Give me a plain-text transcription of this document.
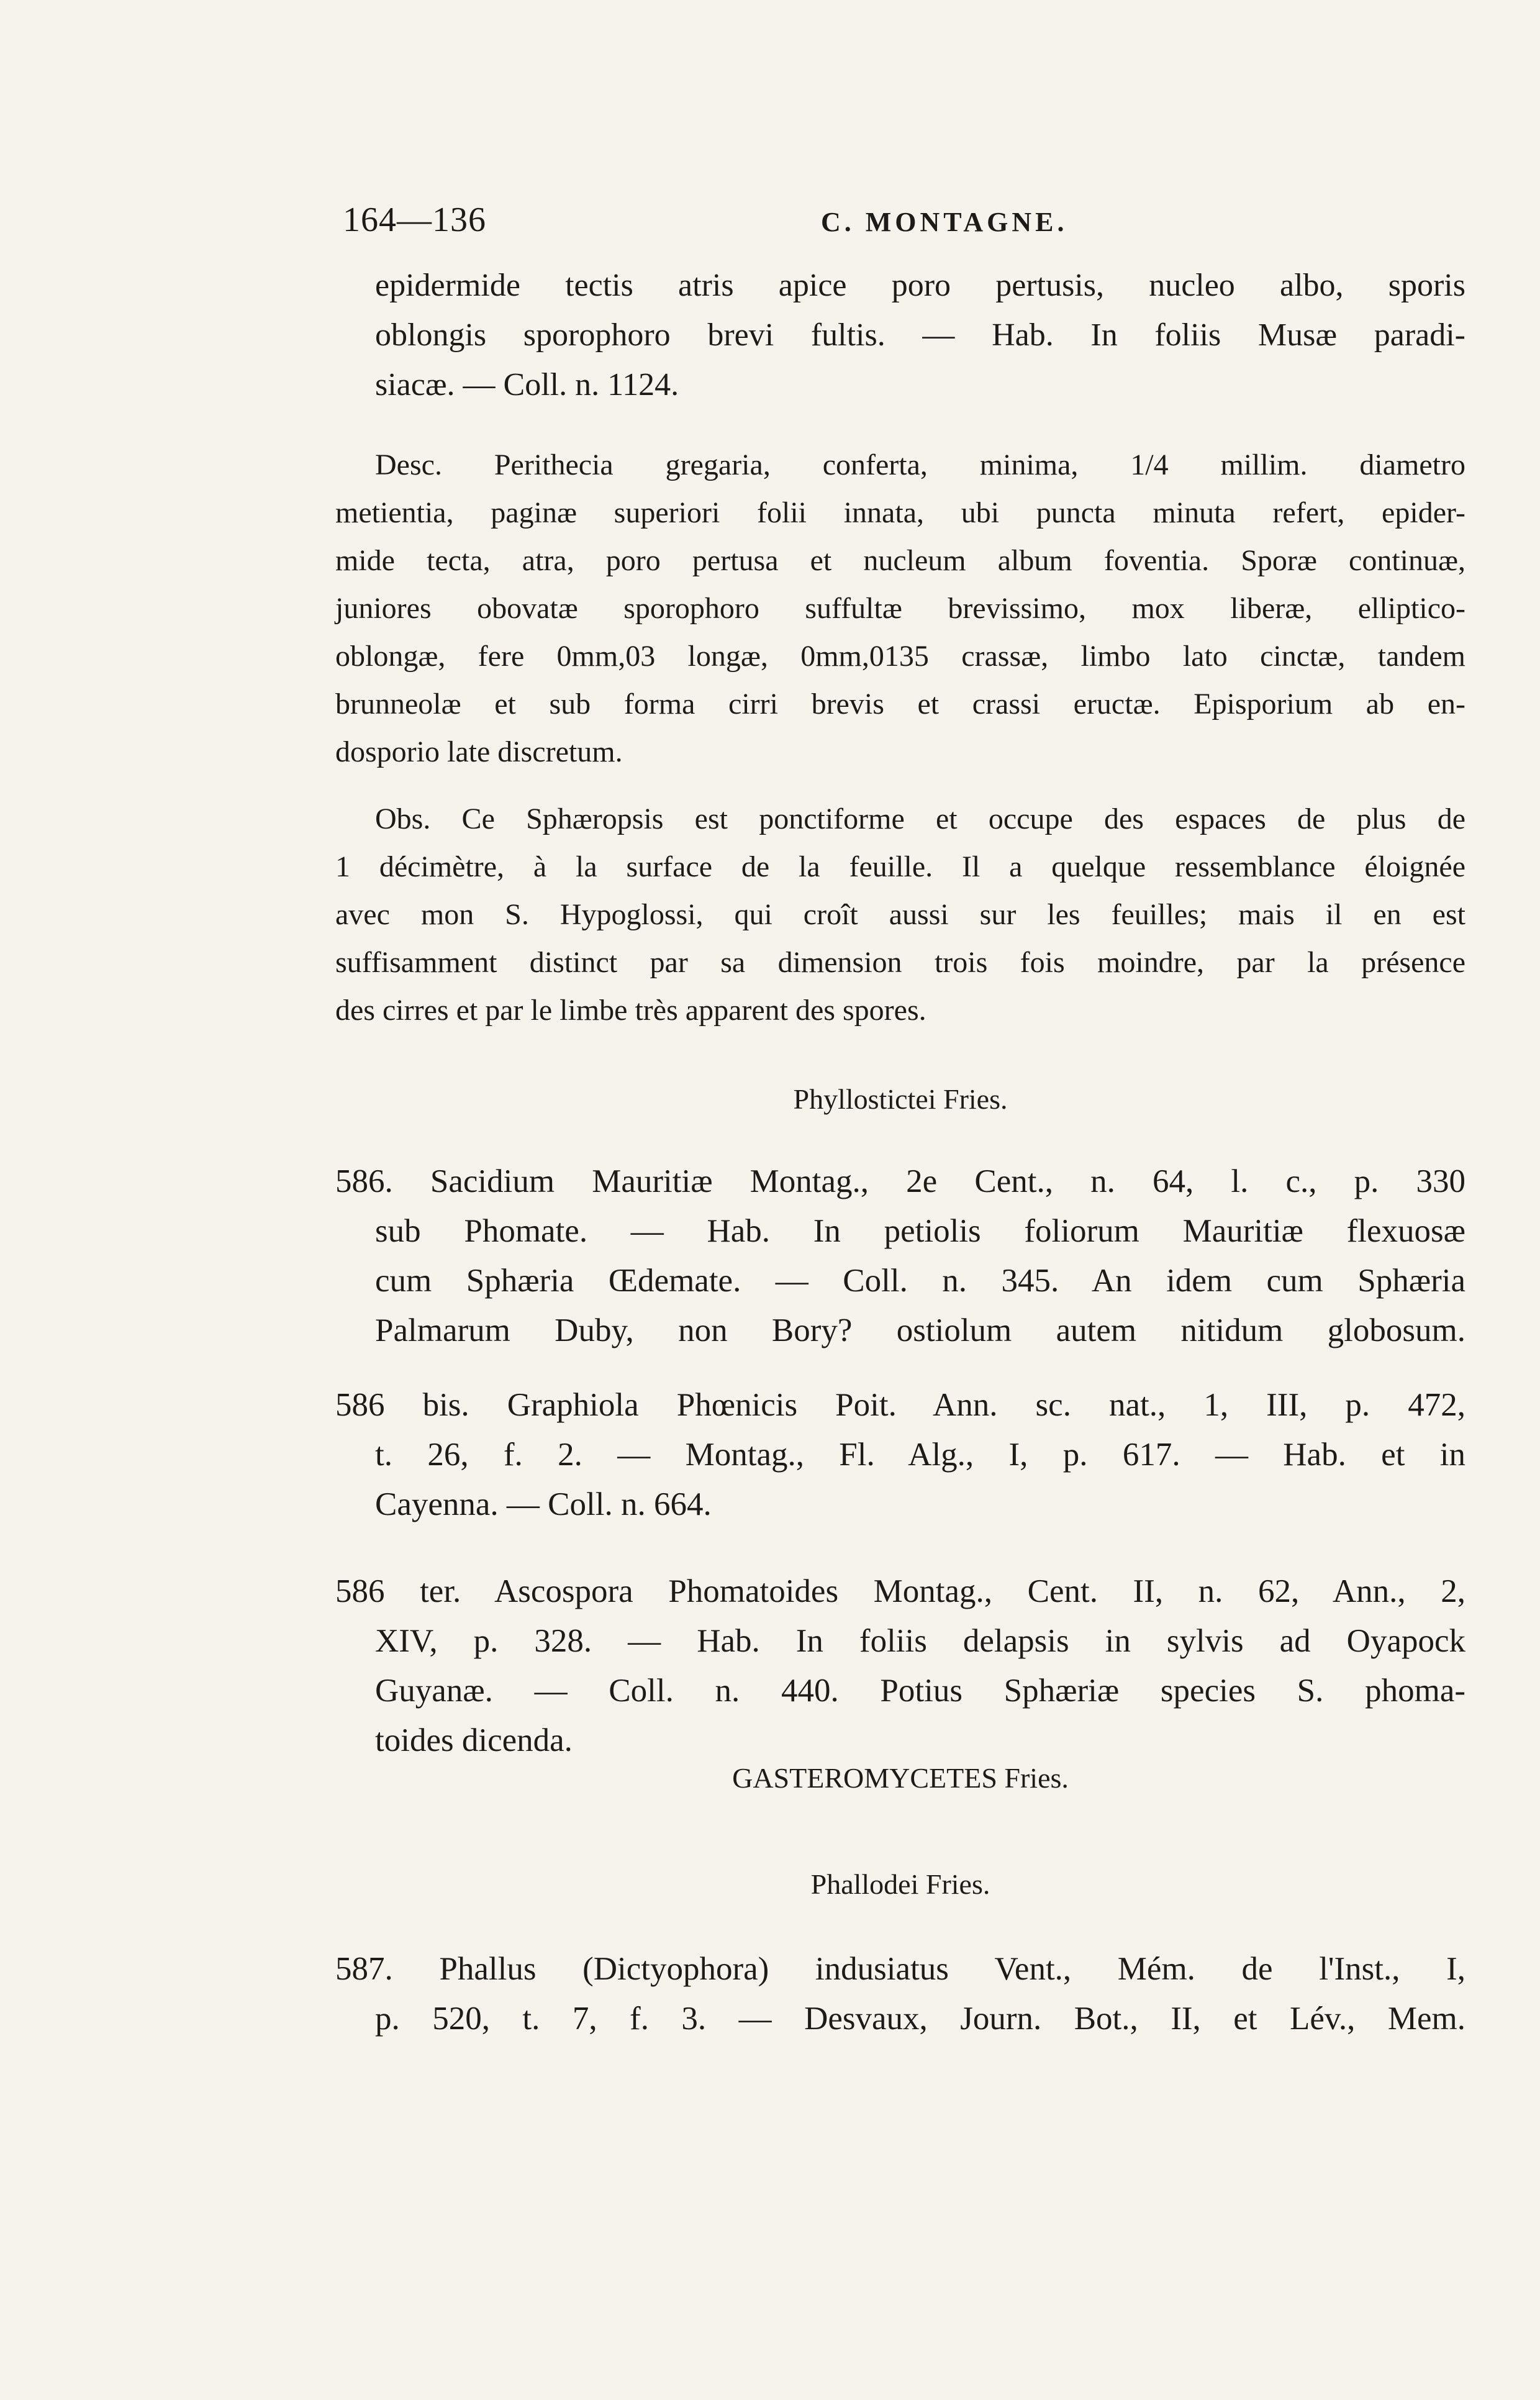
164—136	C. MONTAGNE.
epidermide tectis atris apice poro pertusis, nucleo albo, sporis
oblongis sporophoro brevi fultis. — Hab. In foliis Musæ paradi-
siacæ. — Coll. n. 1124.
Desc. Perithecia gregaria, conferta, minima, 1/4 millim. diametro
metientia, paginæ superiori folii innata, ubi puncta minuta refert, epider-
mide tecta, atra, poro pertusa et nucleum album foventia. Sporæ continuæ,
juniores obovatæ sporophoro suffultæ brevissimo, mox liberæ, elliptico-
oblongæ, fere 0mm,03 longæ, 0mm,0135 crassæ, limbo lato cinctæ, tandem
brunneolæ et sub forma cirri brevis et crassi eructæ. Episporium ab en-
dosporio late discretum.
Obs. Ce Sphæropsis est ponctiforme et occupe des espaces de plus de
1 décimètre, à la surface de la feuille. Il a quelque ressemblance éloignée
avec mon S. Hypoglossi, qui croît aussi sur les feuilles; mais il en est
suffisamment distinct par sa dimension trois fois moindre, par la présence
des cirres et par le limbe très apparent des spores.
Phyllostictei Fries.
586. Sacidium Mauritiæ Montag., 2e Cent., n. 64, l. c., p. 330
sub Phomate. — Hab. In petiolis foliorum Mauritiæ flexuosæ
cum Sphæria Œdemate. — Coll. n. 345. An idem cum Sphæria
Palmarum Duby, non Bory? ostiolum autem nitidum globosum.
586 bis. Graphiola Phœnicis Poit. Ann. sc. nat., 1, III, p. 472,
t. 26, f. 2. — Montag., Fl. Alg., I, p. 617. — Hab. et in
Cayenna. — Coll. n. 664.
586 ter. Ascospora Phomatoides Montag., Cent. II, n. 62, Ann., 2,
XIV, p. 328. — Hab. In foliis delapsis in sylvis ad Oyapock
Guyanæ. — Coll. n. 440. Potius Sphæriæ species S. phoma-
toides dicenda.
GASTEROMYCETES Fries.
Phallodei Fries.
587. Phallus (Dictyophora) indusiatus Vent., Mém. de l'Inst., I,
p. 520, t. 7, f. 3. — Desvaux, Journ. Bot., II, et Lév., Mem.
